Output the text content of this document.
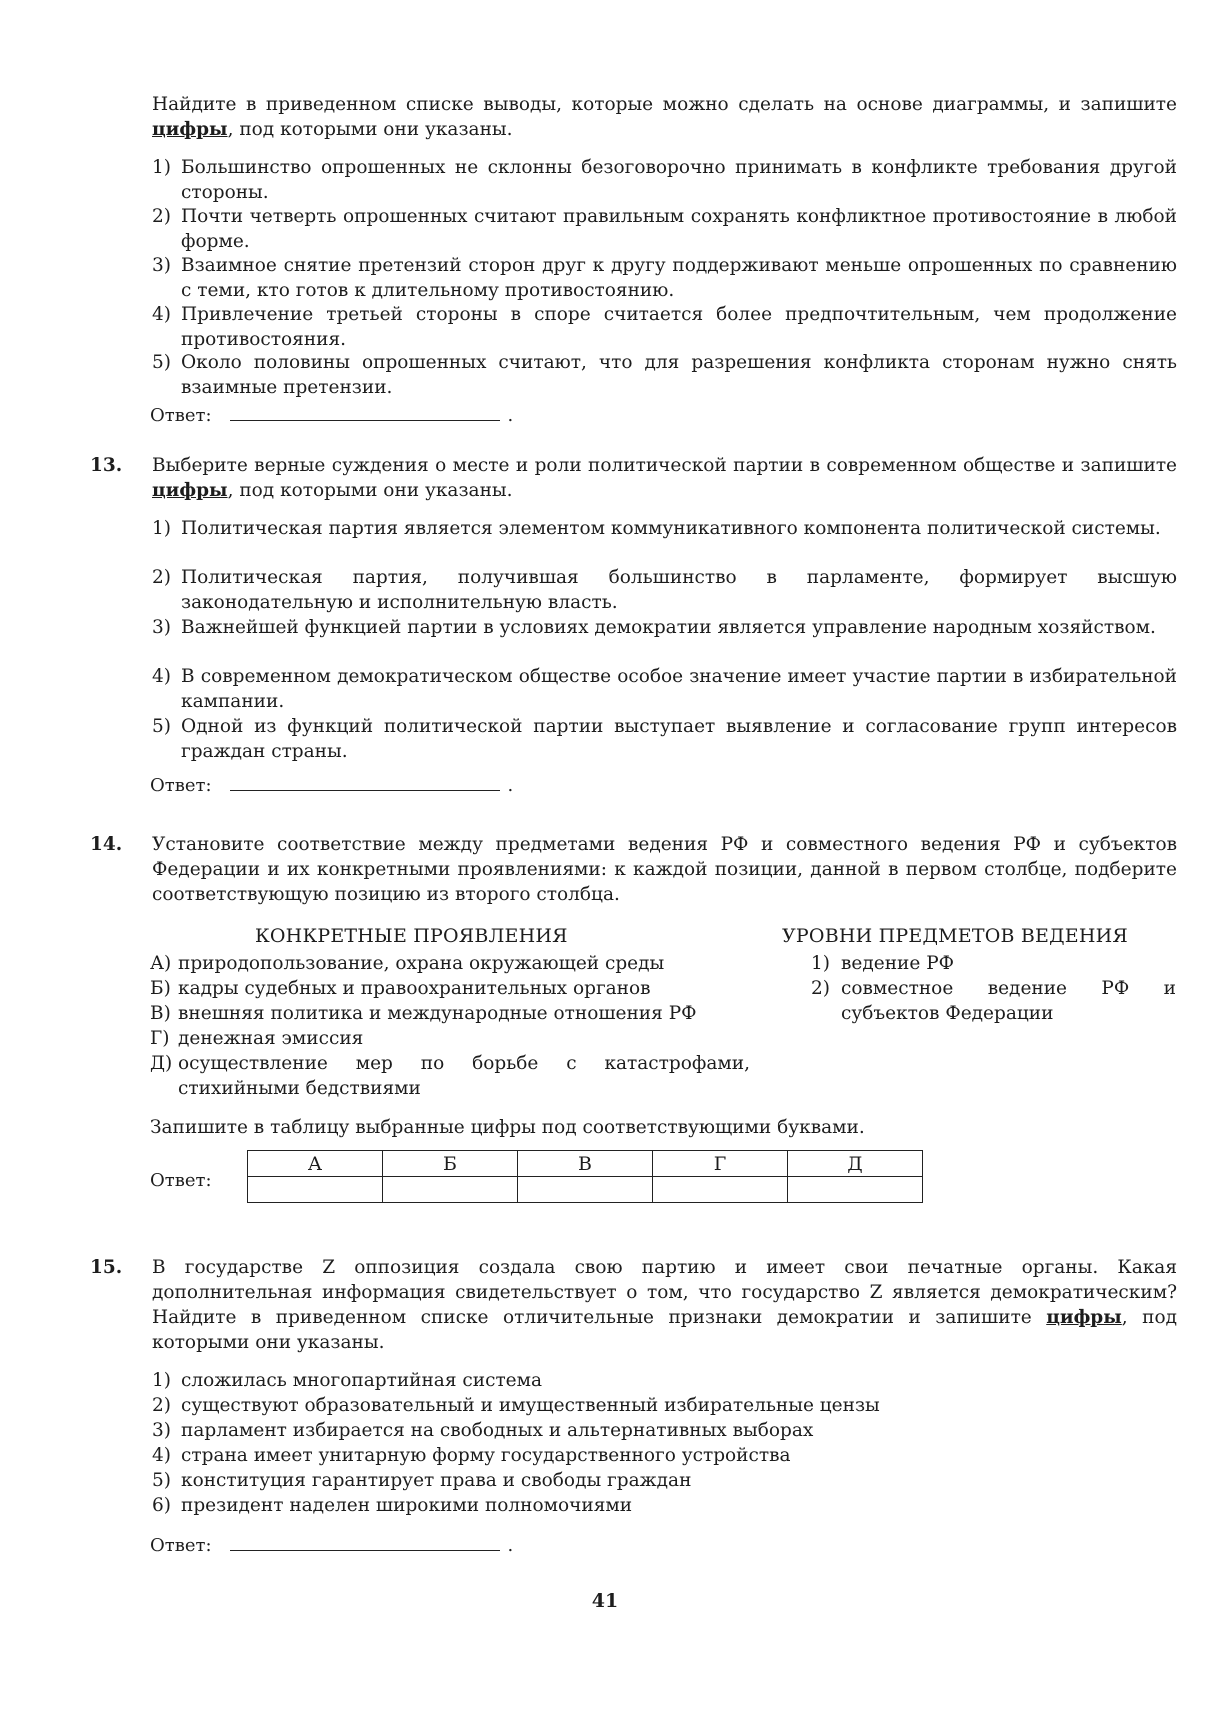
Найдите в приведенном списке выводы, которые можно сделать на основе диаграммы, и запишите цифры, под которыми они указаны.
1) Большинство опрошенных не склонны безоговорочно принимать в конфликте требования другой стороны.
2) Почти четверть опрошенных считают правильным сохранять конфликтное противостояние в любой форме.
3) Взаимное снятие претензий сторон друг к другу поддерживают меньше опрошенных по сравнению с теми, кто готов к длительному противостоянию.
4) Привлечение третьей стороны в споре считается более предпочтительным, чем продолжение противостояния.
5) Около половины опрошенных считают, что для разрешения конфликта сторонам нужно снять взаимные претензии.
Ответ:	.
13. Выберите верные суждения о месте и роли политической партии в современном обществе и запишите цифры, под которыми они указаны.
1) Политическая партия является элементом коммуникативного компонента политической системы.
2) Политическая партия, получившая большинство в парламенте, формирует высшую законодательную и исполнительную власть.
3) Важнейшей функцией партии в условиях демократии является управление народным хозяйством.
4) В современном демократическом обществе особое значение имеет участие партии в избирательной кампании.
5) Одной из функций политической партии выступает выявление и согласование групп интересов граждан страны.
Ответ:	.
14. Установите соответствие между предметами ведения РФ и совместного ведения РФ и субъектов Федерации и их конкретными проявлениями: к каждой позиции, данной в первом столбце, подберите соответствующую позицию из второго столбца.
КОНКРЕТНЫЕ ПРОЯВЛЕНИЯ	УРОВНИ ПРЕДМЕТОВ ВЕДЕНИЯ
А) природопользование, охрана окружающей среды
Б) кадры судебных и правоохранительных органов
В) внешняя политика и международные отношения РФ
Г) денежная эмиссия
Д) осуществление мер по борьбе с катастрофами, стихийными бедствиями
1) ведение РФ
2) совместное ведение РФ и субъектов Федерации
Запишите в таблицу выбранные цифры под соответствующими буквами.
Ответ:
А	Б	В	Г	Д

15. В государстве Z оппозиция создала свою партию и имеет свои печатные органы. Какая дополнительная информация свидетельствует о том, что государство Z является демократическим? Найдите в приведенном списке отличительные признаки демократии и запишите цифры, под которыми они указаны.
1) сложилась многопартийная система
2) существуют образовательный и имущественный избирательные цензы
3) парламент избирается на свободных и альтернативных выборах
4) страна имеет унитарную форму государственного устройства
5) конституция гарантирует права и свободы граждан
6) президент наделен широкими полномочиями
Ответ:	.
41
